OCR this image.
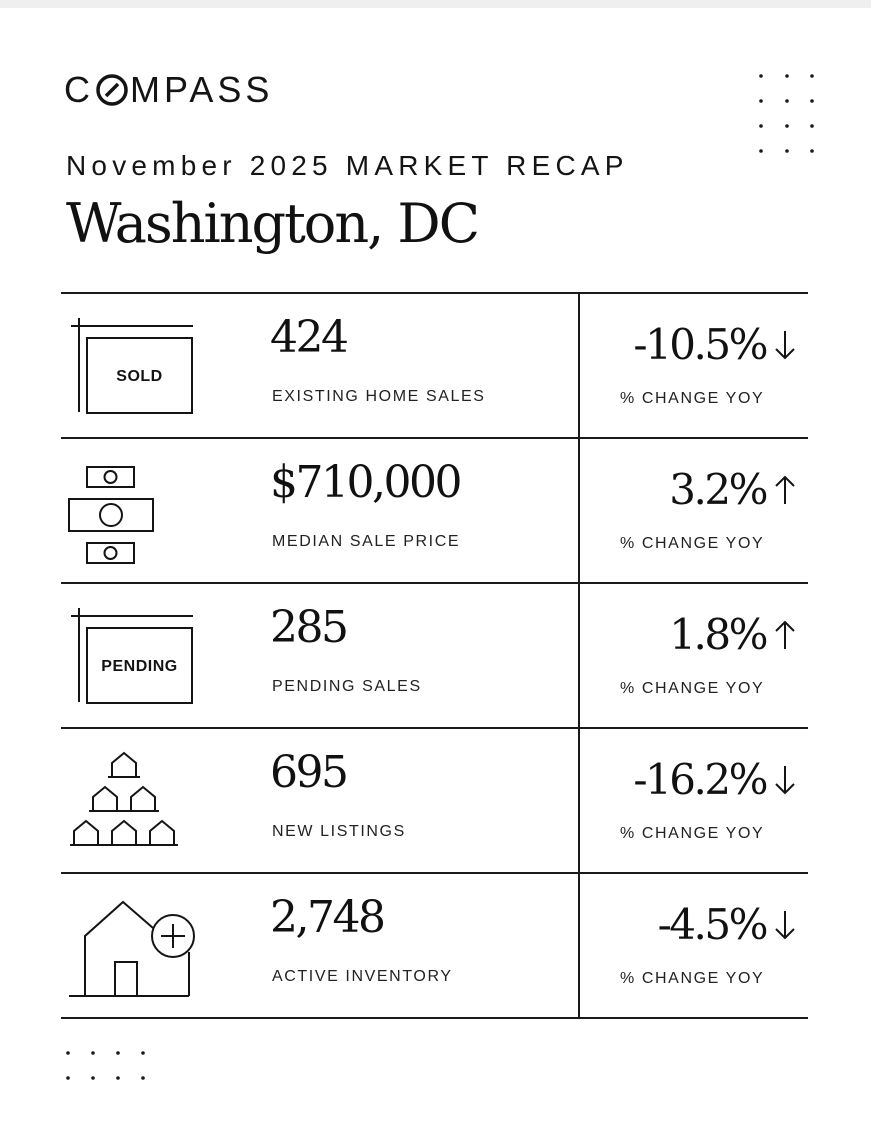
C MPASS
November 2025 MARKET RECAP
Washington, DC
SOLD
424
EXISTING HOME SALES
-10.5%
% CHANGE YOY
$710,000
MEDIAN SALE PRICE
3.2%
% CHANGE YOY
PENDING
285
PENDING SALES
1.8%
% CHANGE YOY
695
NEW LISTINGS
-16.2%
% CHANGE YOY
2,748
ACTIVE INVENTORY
-4.5%
% CHANGE YOY
